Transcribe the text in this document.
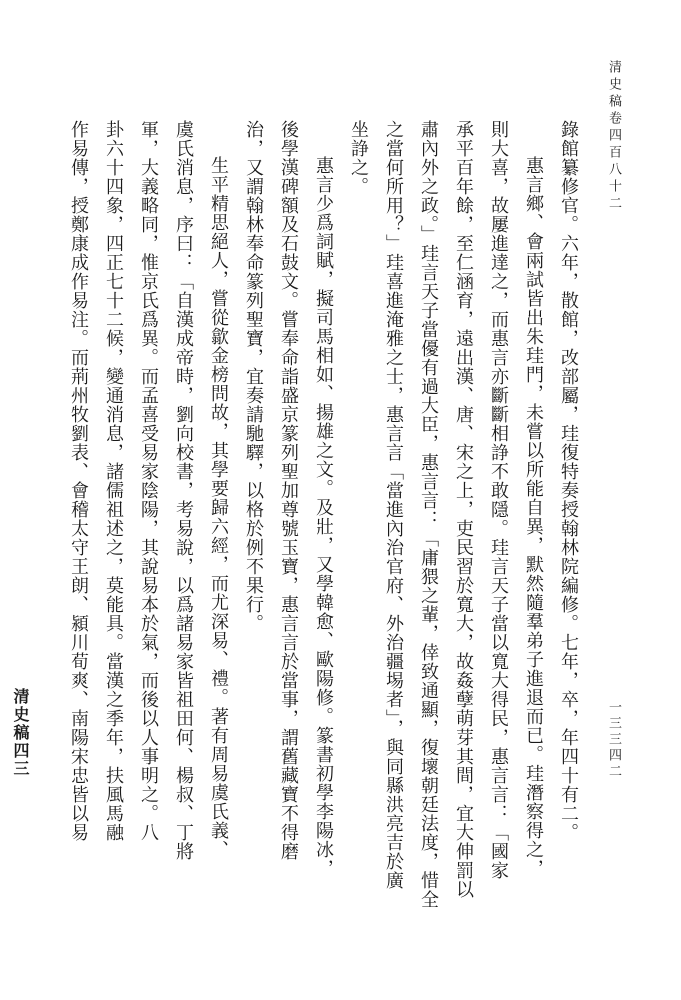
清史稿卷四百八十二
一三三四二
錄館纂修官。六年，散館，改部屬，珪復特奏授翰林院編修。七年，卒，年四十有二。
惠言鄉、會兩試皆出朱珪門，未嘗以所能自異，默然隨羣弟子進退而已。珪潛察得之，
則大喜，故屢進達之，而惠言亦斷斷相諍不敢隱。珪言天子當以寬大得民，惠言言：「國家
承平百年餘，至仁涵育，遠出漢、唐、宋之上，吏民習於寬大，故姦孽萌芽其間，宜大伸罰以
肅內外之政。」珪言天子當優有過大臣，惠言言：「庸猥之輩，倖致通顯，復壞朝廷法度，惜全
之當何所用？」珪喜進淹雅之士，惠言言「當進內治官府、外治疆埸者」，與同縣洪亮吉於廣
坐諍之。
惠言少爲詞賦，擬司馬相如、揚雄之文。及壯，又學韓愈、歐陽修。篆書初學李陽冰，
後學漢碑額及石鼓文。嘗奉命詣盛京篆列聖加尊號玉寶，惠言言於當事，謂舊藏寶不得磨
治，又謂翰林奉命篆列聖寶，宜奏請馳驛，以格於例不果行。
生平精思絕人，嘗從歙金榜問故，其學要歸六經，而尤深易、禮。著有周易虞氏義、
虞氏消息，序曰：「自漢成帝時，劉向校書，考易說，以爲諸易家皆祖田何、楊叔、丁將
軍，大義略同，惟京氏爲異。而孟喜受易家陰陽，其說易本於氣，而後以人事明之。八
卦六十四象，四正七十二候，變通消息，諸儒祖述之，莫能具。當漢之季年，扶風馬融
作易傳，授鄭康成作易注。而荊州牧劉表、會稽太守王朗、潁川荀爽、南陽宋忠皆以易
清史稿四三
